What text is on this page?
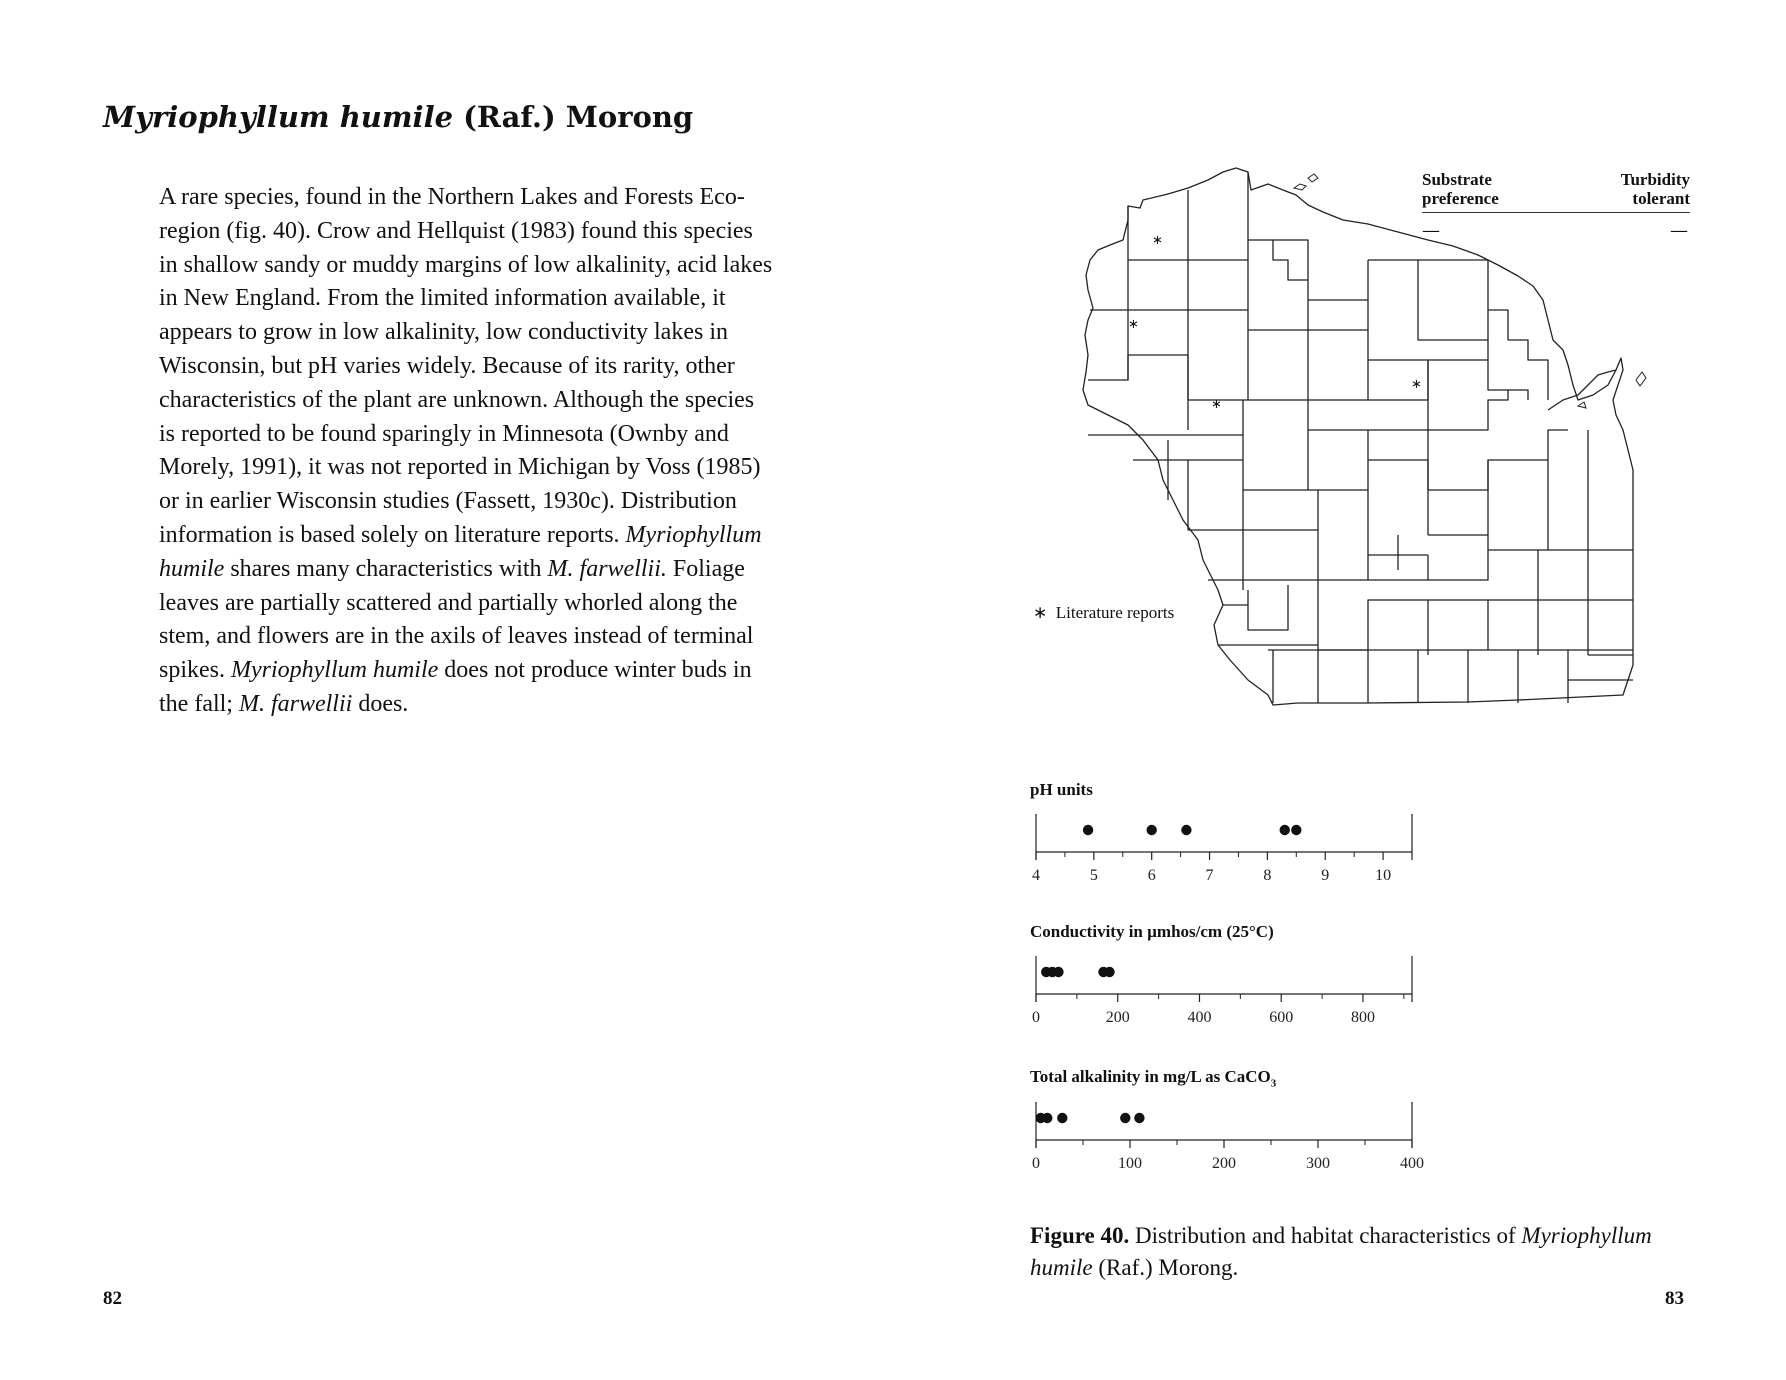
Myriophyllum humile (Raf.) Morong
A rare species, found in the Northern Lakes and Forests Eco-
region (fig. 40). Crow and Hellquist (1983) found this species
in shallow sandy or muddy margins of low alkalinity, acid lakes
in New England. From the limited information available, it
appears to grow in low alkalinity, low conductivity lakes in
Wisconsin, but pH varies widely. Because of its rarity, other
characteristics of the plant are unknown. Although the species
is reported to be found sparingly in Minnesota (Ownby and
Morely, 1991), it was not reported in Michigan by Voss (1985)
or in earlier Wisconsin studies (Fassett, 1930c). Distribution
information is based solely on literature reports. Myriophyllum
humile shares many characteristics with M. farwellii. Foliage
leaves are partially scattered and partially whorled along the
stem, and flowers are in the axils of leaves instead of terminal
spikes. Myriophyllum humile does not produce winter buds in
the fall; M. farwellii does.
82
∗
∗
∗
∗
∗ Literature reports
Substrate
preference
Turbidity
tolerant
—	—
pH units
4	5	6	7	8	9	10
Conductivity in µmhos/cm (25°C)
0	200	400	600	800
Total alkalinity in mg/L as CaCO$_3$
0	100	200	300	400

Figure 40. Distribution and habitat characteristics of Myriophyllum
humile (Raf.) Morong.

83
